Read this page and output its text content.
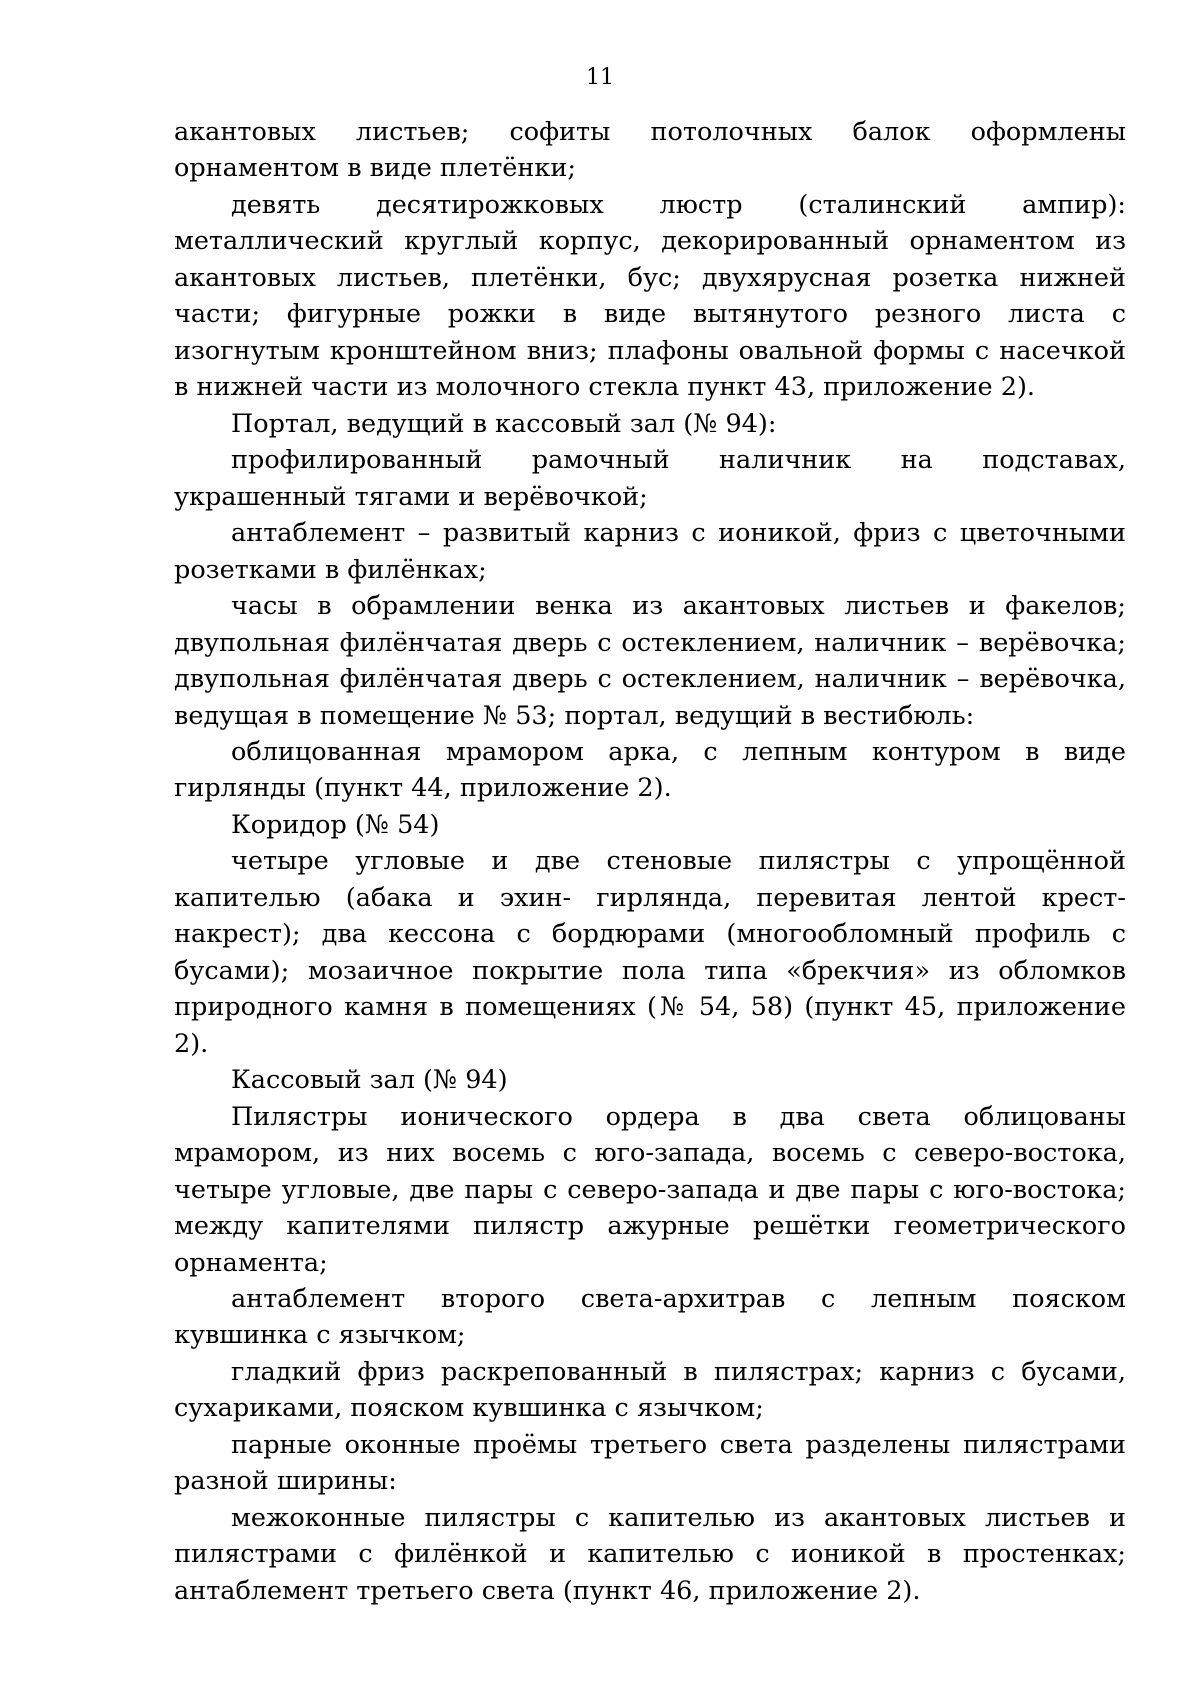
11

акантовых листьев; софиты потолочных балок оформлены орнаментом в виде плетёнки;

девять десятирожковых люстр (сталинский ампир): металлический круглый корпус, декорированный орнаментом из акантовых листьев, плетёнки, бус; двухярусная розетка нижней части; фигурные рожки в виде вытянутого резного листа с изогнутым кронштейном вниз; плафоны овальной формы с насечкой в нижней части из молочного стекла пункт 43, приложение 2).

Портал, ведущий в кассовый зал (№ 94):

профилированный рамочный наличник на подставах, украшенный тягами и верёвочкой;

антаблемент – развитый карниз с ионикой, фриз с цветочными розетками в филёнках;

часы в обрамлении венка из акантовых листьев и факелов; двупольная филёнчатая дверь с остеклением, наличник – верёвочка; двупольная филёнчатая дверь с остеклением, наличник – верёвочка, ведущая в помещение № 53; портал, ведущий в вестибюль:

облицованная мрамором арка, с лепным контуром в виде гирлянды (пункт 44, приложение 2).

Коридор (№ 54)

четыре угловые и две стеновые пилястры с упрощённой капителью (абака и эхин- гирлянда, перевитая лентой крест-накрест); два кессона с бордюрами (многообломный профиль с бусами); мозаичное покрытие пола типа «брекчия» из обломков природного камня в помещениях (№ 54, 58) (пункт 45, приложение 2).

Кассовый зал (№ 94)

Пилястры ионического ордера в два света облицованы мрамором, из них восемь с юго-запада, восемь с северо-востока, четыре угловые, две пары с северо-запада и две пары с юго-востока; между капителями пилястр ажурные решётки геометрического орнамента;

антаблемент второго света-архитрав с лепным пояском кувшинка с язычком;

гладкий фриз раскрепованный в пилястрах; карниз с бусами, сухариками, пояском кувшинка с язычком;

парные оконные проёмы третьего света разделены пилястрами разной ширины:

межоконные пилястры с капителью из акантовых листьев и пилястрами с филёнкой и капителью с ионикой в простенках; антаблемент третьего света (пункт 46, приложение 2).
